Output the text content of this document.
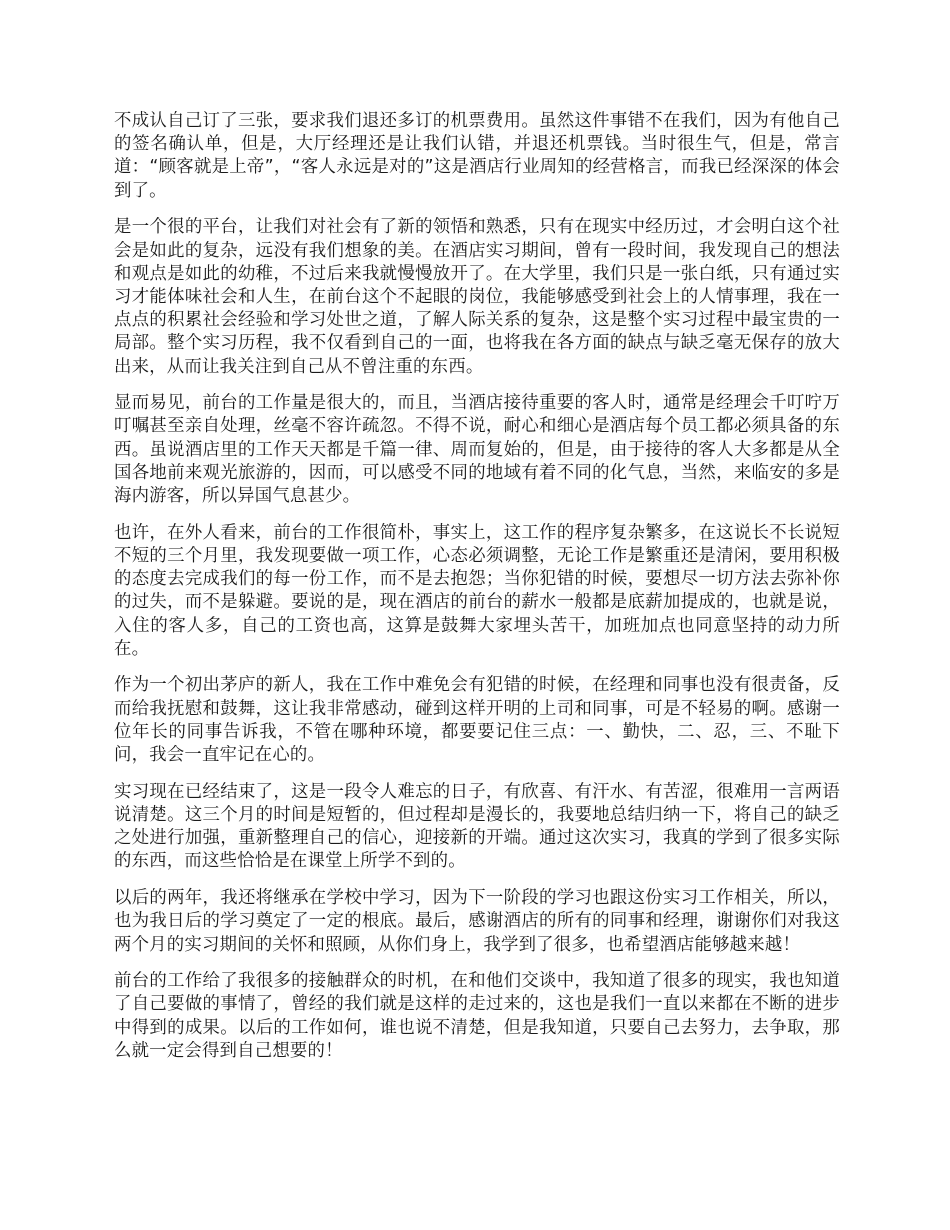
不成认自己订了三张，要求我们退还多订的机票费用。虽然这件事错不在我们，因为有他自己的签名确认单，但是，大厅经理还是让我们认错，并退还机票钱。当时很生气，但是，常言道：“顾客就是上帝”，“客人永远是对的”这是酒店行业周知的经营格言，而我已经深深的体会到了。

是一个很的平台，让我们对社会有了新的领悟和熟悉，只有在现实中经历过，才会明白这个社会是如此的复杂，远没有我们想象的美。在酒店实习期间，曾有一段时间，我发现自己的想法和观点是如此的幼稚，不过后来我就慢慢放开了。在大学里，我们只是一张白纸，只有通过实习才能体味社会和人生，在前台这个不起眼的岗位，我能够感受到社会上的人情事理，我在一点点的积累社会经验和学习处世之道，了解人际关系的复杂，这是整个实习过程中最宝贵的一局部。整个实习历程，我不仅看到自己的一面，也将我在各方面的缺点与缺乏毫无保存的放大出来，从而让我关注到自己从不曾注重的东西。

显而易见，前台的工作量是很大的，而且，当酒店接待重要的客人时，通常是经理会千叮咛万叮嘱甚至亲自处理，丝毫不容许疏忽。不得不说，耐心和细心是酒店每个员工都必须具备的东西。虽说酒店里的工作天天都是千篇一律、周而复始的，但是，由于接待的客人大多都是从全国各地前来观光旅游的，因而，可以感受不同的地域有着不同的化气息，当然，来临安的多是海内游客，所以异国气息甚少。

也许，在外人看来，前台的工作很简朴，事实上，这工作的程序复杂繁多，在这说长不长说短不短的三个月里，我发现要做一项工作，心态必须调整，无论工作是繁重还是清闲，要用积极的态度去完成我们的每一份工作，而不是去抱怨；当你犯错的时候，要想尽一切方法去弥补你的过失，而不是躲避。要说的是，现在酒店的前台的薪水一般都是底薪加提成的，也就是说，入住的客人多，自己的工资也高，这算是鼓舞大家埋头苦干，加班加点也同意坚持的动力所在。

作为一个初出茅庐的新人，我在工作中难免会有犯错的时候，在经理和同事也没有很责备，反而给我抚慰和鼓舞，这让我非常感动，碰到这样开明的上司和同事，可是不轻易的啊。感谢一位年长的同事告诉我，不管在哪种环境，都要要记住三点：一、勤快，二、忍，三、不耻下问，我会一直牢记在心的。

实习现在已经结束了，这是一段令人难忘的日子，有欣喜、有汗水、有苦涩，很难用一言两语说清楚。这三个月的时间是短暂的，但过程却是漫长的，我要地总结归纳一下，将自己的缺乏之处进行加强，重新整理自己的信心，迎接新的开端。通过这次实习，我真的学到了很多实际的东西，而这些恰恰是在课堂上所学不到的。

以后的两年，我还将继承在学校中学习，因为下一阶段的学习也跟这份实习工作相关，所以，也为我日后的学习奠定了一定的根底。最后，感谢酒店的所有的同事和经理，谢谢你们对我这两个月的实习期间的关怀和照顾，从你们身上，我学到了很多，也希望酒店能够越来越！

前台的工作给了我很多的接触群众的时机，在和他们交谈中，我知道了很多的现实，我也知道了自己要做的事情了，曾经的我们就是这样的走过来的，这也是我们一直以来都在不断的进步中得到的成果。以后的工作如何，谁也说不清楚，但是我知道，只要自己去努力，去争取，那么就一定会得到自己想要的！
